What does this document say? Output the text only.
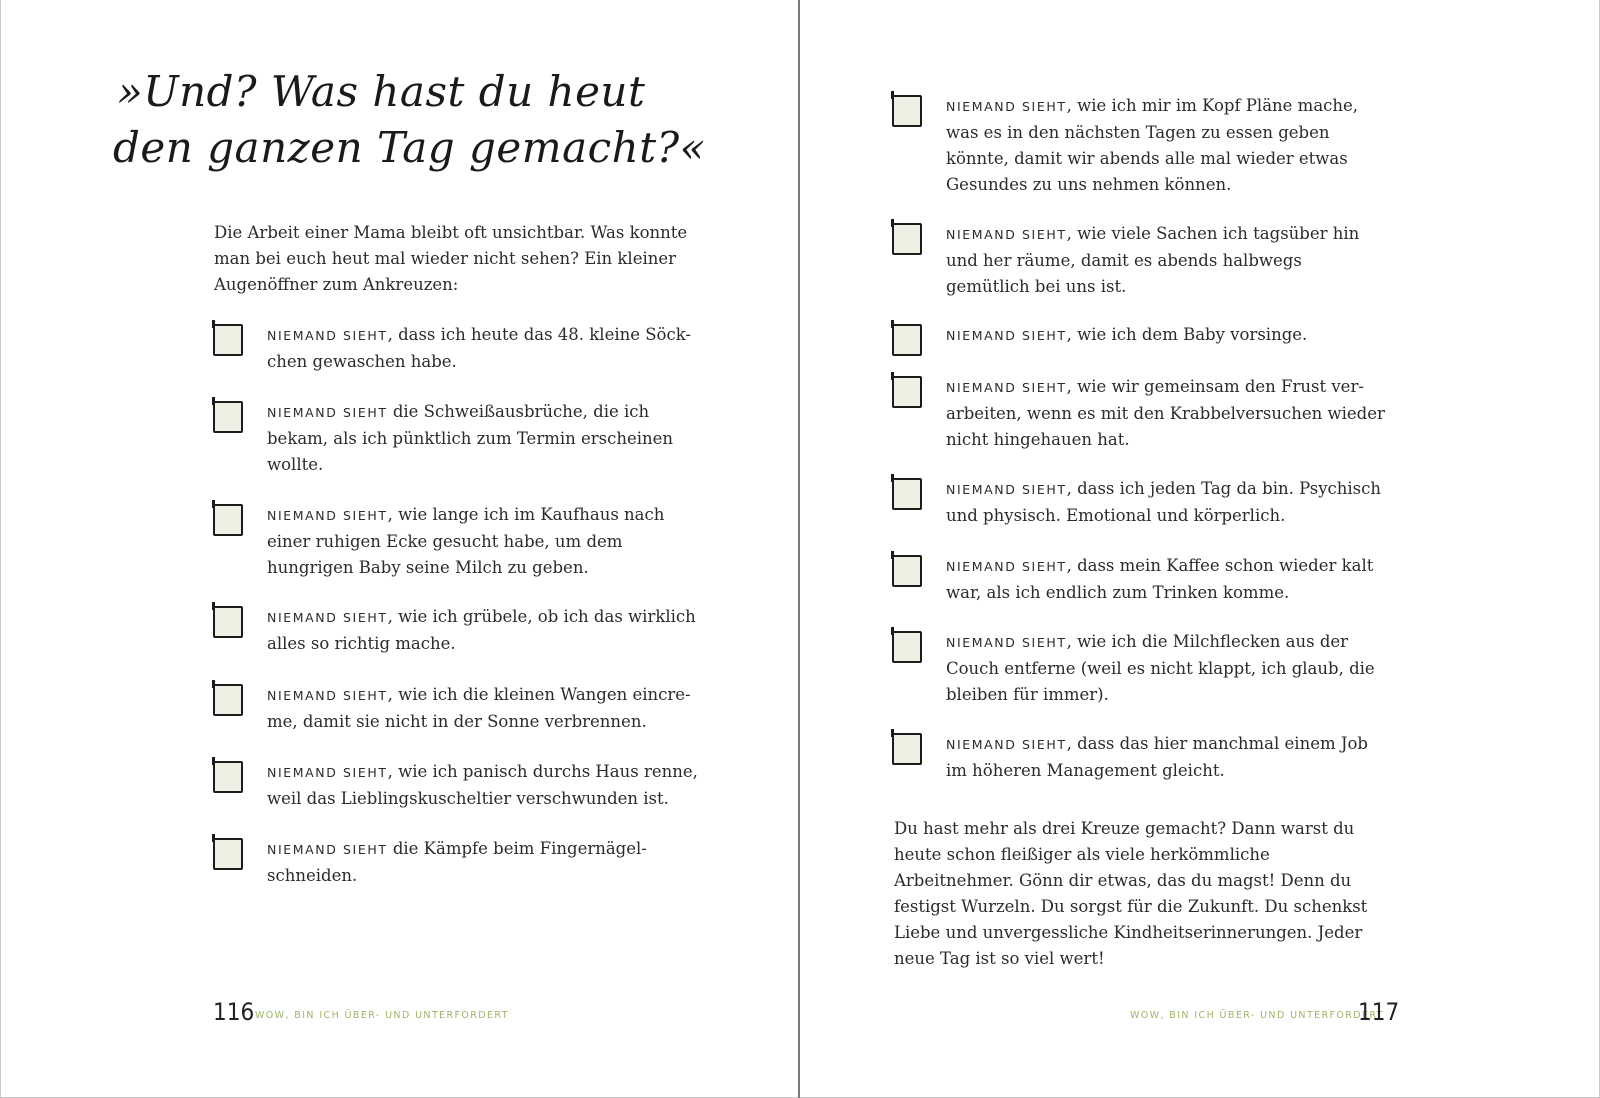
»Und? Was hast du heut
den ganzen Tag gemacht?«

Die Arbeit einer Mama bleibt oft unsichtbar. Was konnte man bei euch heut mal wieder nicht sehen? Ein kleiner Augenöffner zum Ankreuzen:

NIEMAND SIEHT, dass ich heute das 48. kleine Söck-chen gewaschen habe.

NIEMAND SIEHT die Schweißausbrüche, die ich bekam, als ich pünktlich zum Termin erscheinen wollte.

NIEMAND SIEHT, wie lange ich im Kaufhaus nach einer ruhigen Ecke gesucht habe, um dem hungrigen Baby seine Milch zu geben.

NIEMAND SIEHT, wie ich grübele, ob ich das wirklich alles so richtig mache.

NIEMAND SIEHT, wie ich die kleinen Wangen eincre-me, damit sie nicht in der Sonne verbrennen.

NIEMAND SIEHT, wie ich panisch durchs Haus renne, weil das Lieblingskuscheltier verschwunden ist.

NIEMAND SIEHT die Kämpfe beim Fingernägel-schneiden.

116 WOW, BIN ICH ÜBER- UND UNTERFORDERT

NIEMAND SIEHT, wie ich mir im Kopf Pläne mache, was es in den nächsten Tagen zu essen geben könnte, damit wir abends alle mal wieder etwas Gesundes zu uns nehmen können.

NIEMAND SIEHT, wie viele Sachen ich tagsüber hin und her räume, damit es abends halbwegs gemütlich bei uns ist.

NIEMAND SIEHT, wie ich dem Baby vorsinge.

NIEMAND SIEHT, wie wir gemeinsam den Frust ver-arbeiten, wenn es mit den Krabbelversuchen wieder nicht hingehauen hat.

NIEMAND SIEHT, dass ich jeden Tag da bin. Psychisch und physisch. Emotional und körperlich.

NIEMAND SIEHT, dass mein Kaffee schon wieder kalt war, als ich endlich zum Trinken komme.

NIEMAND SIEHT, wie ich die Milchflecken aus der Couch entferne (weil es nicht klappt, ich glaub, die bleiben für immer).

NIEMAND SIEHT, dass das hier manchmal einem Job im höheren Management gleicht.

Du hast mehr als drei Kreuze gemacht? Dann warst du heute schon fleißiger als viele herkömmliche Arbeitnehmer. Gönn dir etwas, das du magst! Denn du festigst Wurzeln. Du sorgst für die Zukunft. Du schenkst Liebe und unvergessliche Kindheitserinnerungen. Jeder neue Tag ist so viel wert!

WOW, BIN ICH ÜBER- UND UNTERFORDERT
117
